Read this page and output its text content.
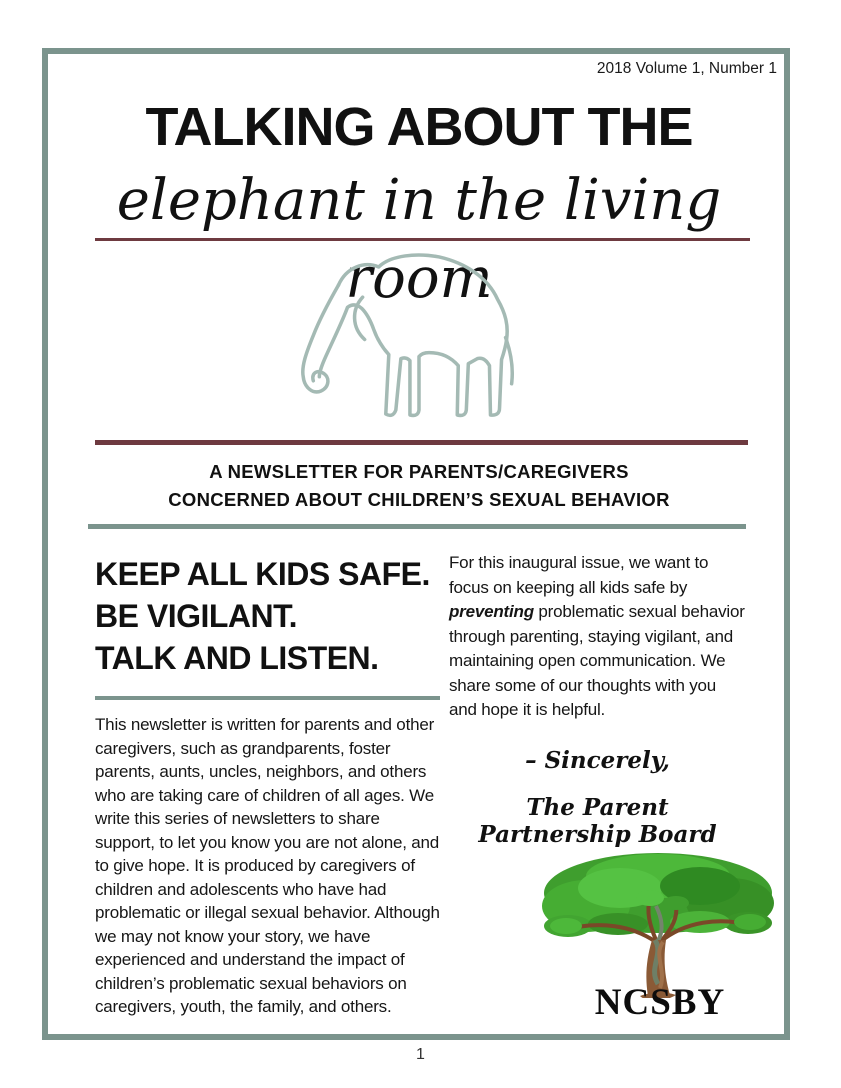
2018 Volume 1, Number 1
TALKING ABOUT THE
elephant in the living room
A NEWSLETTER FOR PARENTS/CAREGIVERS
CONCERNED ABOUT CHILDREN’S SEXUAL BEHAVIOR
KEEP ALL KIDS SAFE.
BE VIGILANT.
TALK AND LISTEN.
This newsletter is written for parents and other caregivers, such as grandparents, foster parents, aunts, uncles, neighbors, and others who are taking care of children of all ages. We write this series of newsletters to share support, to let you know you are not alone, and to give hope. It is produced by caregivers of children and adolescents who have had problematic or illegal sexual behavior. Although we may not know your story, we have experienced and understand the impact of children’s problematic sexual behaviors on caregivers, youth, the family, and others.
For this inaugural issue, we want to focus on keeping all kids safe by preventing problematic sexual behavior through parenting, staying vigilant, and maintaining open communication. We share some of our thoughts with you and hope it is helpful.
– Sincerely,
The Parent Partnership Board
NCSBY
1
